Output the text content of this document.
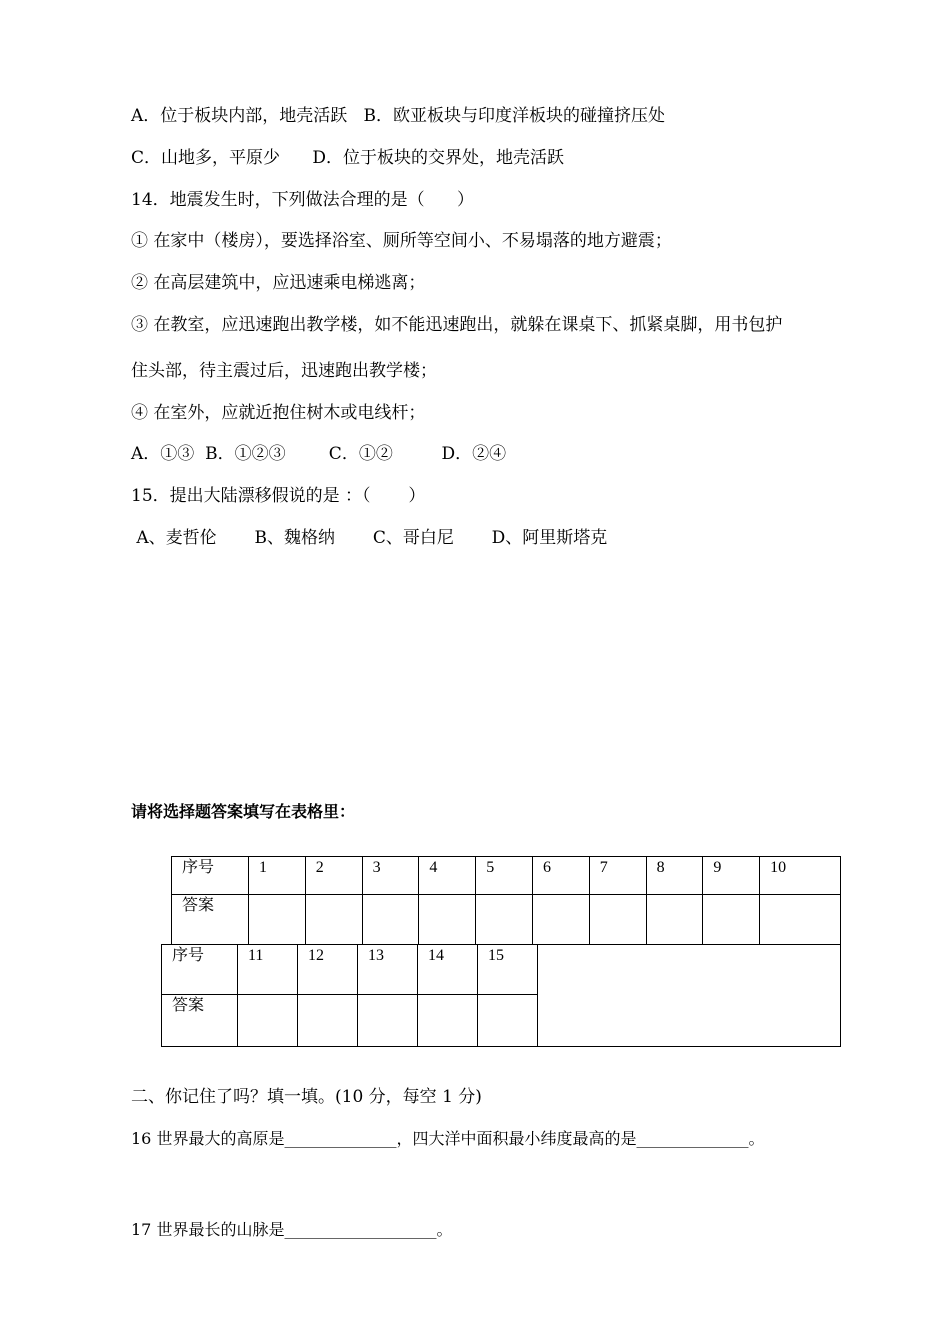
A．位于板块内部，地壳活跃   B．欧亚板块与印度洋板块的碰撞挤压处
C．山地多，平原少      D．位于板块的交界处，地壳活跃
14．地震发生时，下列做法合理的是（      ）
① 在家中（楼房），要选择浴室、厕所等空间小、不易塌落的地方避震；
② 在高层建筑中，应迅速乘电梯逃离；
③ 在教室，应迅速跑出教学楼，如不能迅速跑出，就躲在课桌下、抓紧桌脚，用书包护
住头部，待主震过后，迅速跑出教学楼；
④ 在室外，应就近抱住树木或电线杆；
A．①③  B．①②③        C．①②         D．②④
15．提出大陆漂移假说的是 ：（       ）
A、麦哲伦       B、魏格纳       C、哥白尼       D、阿里斯塔克
请将选择题答案填写在表格里：
序号	1	2	3	4	5	6	7	8	9	10
答案										
序号	11	12	13	14	15	
答案						
二、你记住了吗？填一填。(10 分，每空 1 分)
16 世界最大的高原是______________，四大洋中面积最小纬度最高的是______________。
17 世界最长的山脉是___________________。
